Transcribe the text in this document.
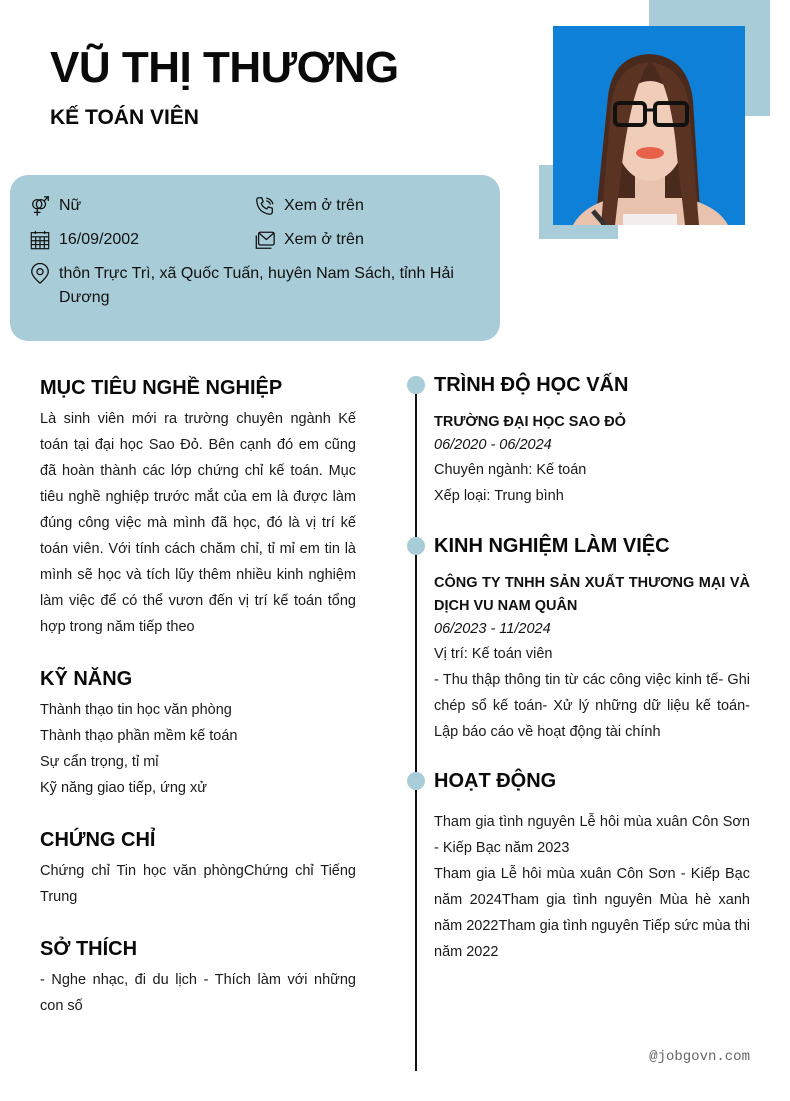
VŨ THỊ THƯƠNG
KẾ TOÁN VIÊN
Nữ	Xem ở trên
16/09/2002	Xem ở trên
thôn Trực Trì, xã Quốc Tuấn, huyên Nam Sách, tỉnh Hải Dương
MỤC TIÊU NGHỀ NGHIỆP
Là sinh viên mới ra trường chuyên ngành Kế toán tại đại học Sao Đỏ. Bên cạnh đó em cũng đã hoàn thành các lớp chứng chỉ kế toán. Mục tiêu nghề nghiệp trước mắt của em là được làm đúng công việc mà mình đã học, đó là vị trí kế toán viên. Với tính cách chăm chỉ, tỉ mỉ em tin là mình sẽ học và tích lũy thêm nhiều kinh nghiệm làm việc để có thể vươn đến vị trí kế toán tổng hợp trong năm tiếp theo
KỸ NĂNG
Thành thạo tin học văn phòng
Thành thạo phần mềm kế toán
Sự cẩn trọng, tỉ mỉ
Kỹ năng giao tiếp, ứng xử
CHỨNG CHỈ
Chứng chỉ Tin học văn phòngChứng chỉ Tiếng Trung
SỞ THÍCH
- Nghe nhạc, đi du lịch - Thích làm với những con số
TRÌNH ĐỘ HỌC VẤN
TRƯỜNG ĐẠI HỌC SAO ĐỎ
06/2020 - 06/2024
Chuyên ngành: Kế toán
Xếp loại: Trung bình
KINH NGHIỆM LÀM VIỆC
CÔNG TY TNHH SẢN XUẤT THƯƠNG MẠI VÀ DỊCH VU NAM QUÂN
06/2023 - 11/2024
Vị trí: Kế toán viên
- Thu thập thông tin từ các công việc kinh tế- Ghi chép sổ kế toán- Xử lý những dữ liệu kế toán- Lập báo cáo về hoạt động tài chính
HOẠT ĐỘNG
Tham gia tình nguyên Lễ hôi mùa xuân Côn Sơn - Kiếp Bạc năm 2023
Tham gia Lễ hôi mùa xuân Côn Sơn - Kiếp Bạc năm 2024Tham gia tình nguyên Mùa hè xanh năm 2022Tham gia tình nguyên Tiếp sức mùa thi năm 2022
@jobgovn.com
